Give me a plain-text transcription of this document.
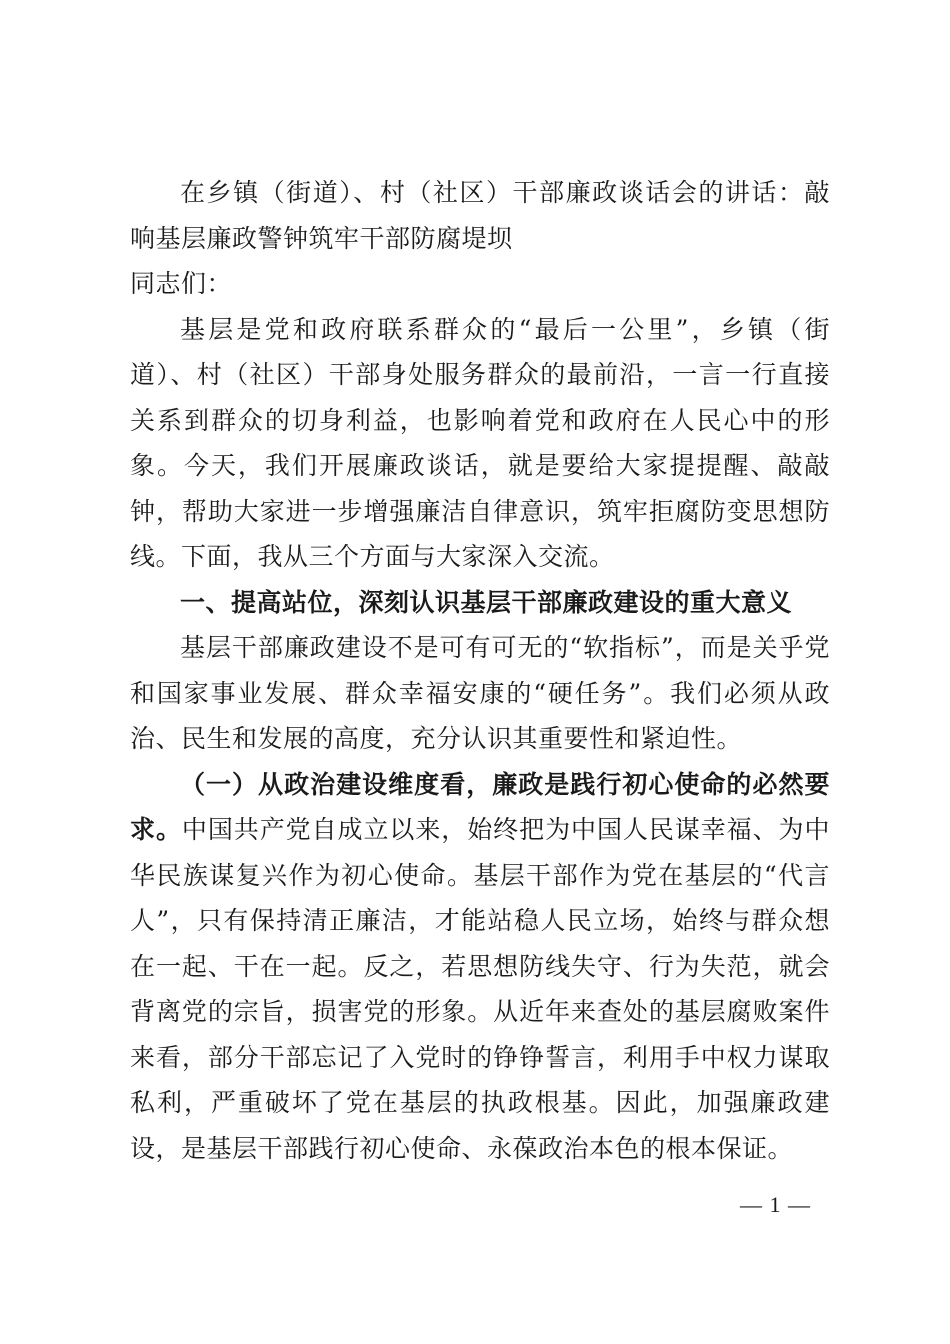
在乡镇（街道）、村（社区）干部廉政谈话会的讲话：敲响基层廉政警钟筑牢干部防腐堤坝

同志们：

基层是党和政府联系群众的“最后一公里”，乡镇（街道）、村（社区）干部身处服务群众的最前沿，一言一行直接关系到群众的切身利益，也影响着党和政府在人民心中的形象。今天，我们开展廉政谈话，就是要给大家提提醒、敲敲钟，帮助大家进一步增强廉洁自律意识，筑牢拒腐防变思想防线。下面，我从三个方面与大家深入交流。

一、提高站位，深刻认识基层干部廉政建设的重大意义

基层干部廉政建设不是可有可无的“软指标”，而是关乎党和国家事业发展、群众幸福安康的“硬任务”。我们必须从政治、民生和发展的高度，充分认识其重要性和紧迫性。

（一）从政治建设维度看，廉政是践行初心使命的必然要求。中国共产党自成立以来，始终把为中国人民谋幸福、为中华民族谋复兴作为初心使命。基层干部作为党在基层的“代言人”，只有保持清正廉洁，才能站稳人民立场，始终与群众想在一起、干在一起。反之，若思想防线失守、行为失范，就会背离党的宗旨，损害党的形象。从近年来查处的基层腐败案件来看，部分干部忘记了入党时的铮铮誓言，利用手中权力谋取私利，严重破坏了党在基层的执政根基。因此，加强廉政建设，是基层干部践行初心使命、永葆政治本色的根本保证。

— 1 —
